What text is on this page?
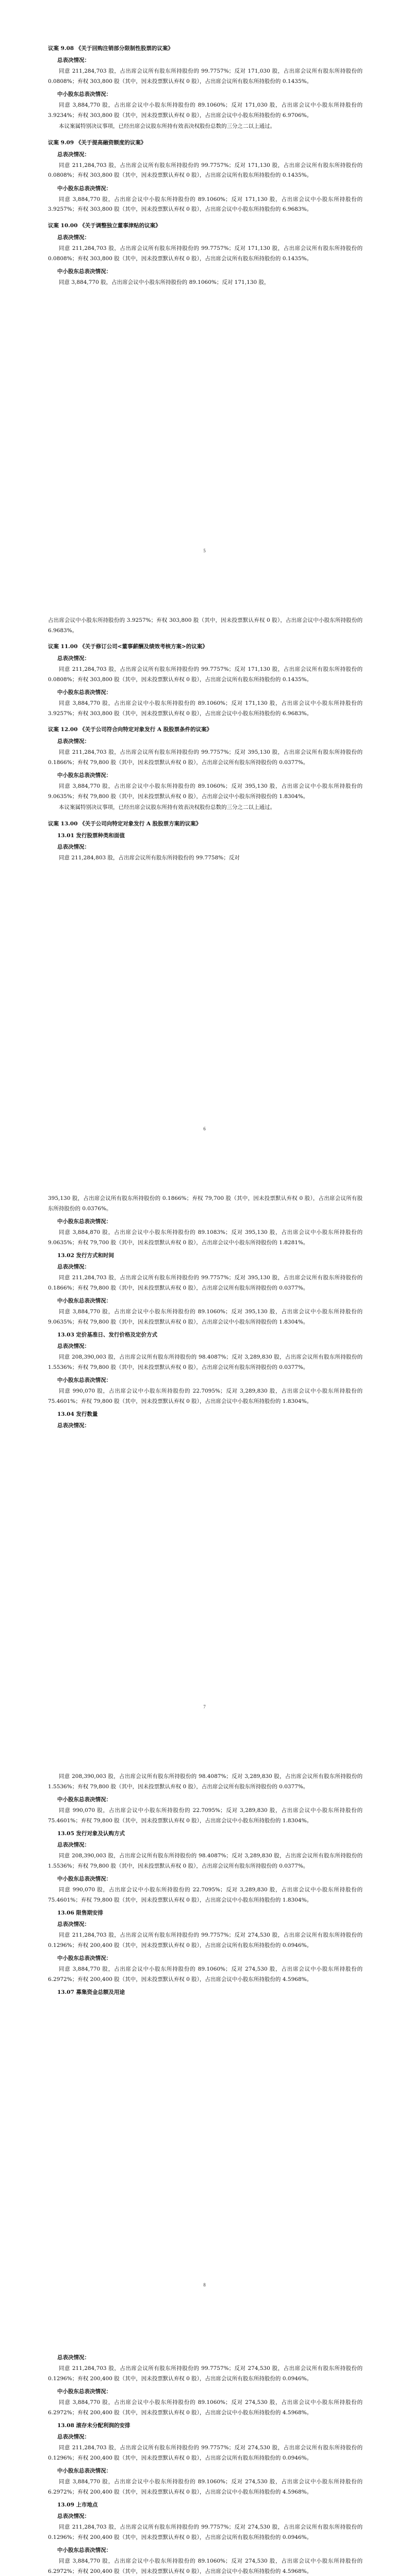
议案 9.08 《关于回购注销部分限制性股票的议案》
总表决情况：
同意 211,284,703 股，占出席会议所有股东所持股份的 99.7757%；反对 171,030 股，占出席会议所有股东所持股份的 0.0808%；弃权 303,800 股（其中，因未投票默认弃权 0 股），占出席会议所有股东所持股份的 0.1435%。
中小股东总表决情况：
同意 3,884,770 股，占出席会议中小股东所持股份的 89.1060%；反对 171,030 股，占出席会议中小股东所持股份的 3.9234%；弃权 303,800 股（其中，因未投票默认弃权 0 股），占出席会议中小股东所持股份的 6.9706%。
本议案属特别决议事项，已经出席会议股东所持有效表决权股份总数的三分之二以上通过。
议案 9.09 《关于提高融资额度的议案》
总表决情况：
同意 211,284,703 股，占出席会议所有股东所持股份的 99.7757%；反对 171,130 股，占出席会议所有股东所持股份的 0.0808%；弃权 303,800 股（其中，因未投票默认弃权 0 股），占出席会议所有股东所持股份的 0.1435%。
中小股东总表决情况：
同意 3,884,770 股，占出席会议中小股东所持股份的 89.1060%；反对 171,130 股，占出席会议中小股东所持股份的 3.9257%；弃权 303,800 股（其中，因未投票默认弃权 0 股），占出席会议中小股东所持股份的 6.9683%。
议案 10.00 《关于调整独立董事津贴的议案》
总表决情况：
同意 211,284,703 股，占出席会议所有股东所持股份的 99.7757%；反对 171,130 股，占出席会议所有股东所持股份的 0.0808%；弃权 303,800 股（其中，因未投票默认弃权 0 股），占出席会议所有股东所持股份的 0.1435%。
中小股东总表决情况：
同意 3,884,770 股，占出席会议中小股东所持股份的 89.1060%；反对 171,130 股，
5
占出席会议中小股东所持股份的 3.9257%；弃权 303,800 股（其中，因未投票默认弃权 0 股），占出席会议中小股东所持股份的 6.9683%。
议案 11.00 《关于修订公司<董事薪酬及绩效考核方案>的议案》
总表决情况：
同意 211,284,703 股，占出席会议所有股东所持股份的 99.7757%；反对 171,130 股，占出席会议所有股东所持股份的 0.0808%；弃权 303,800 股（其中，因未投票默认弃权 0 股），占出席会议所有股东所持股份的 0.1435%。
中小股东总表决情况：
同意 3,884,770 股，占出席会议中小股东所持股份的 89.1060%；反对 171,130 股，占出席会议中小股东所持股份的 3.9257%；弃权 303,800 股（其中，因未投票默认弃权 0 股），占出席会议中小股东所持股份的 6.9683%。
议案 12.00 《关于公司符合向特定对象发行 A 股股票条件的议案》
总表决情况：
同意 211,284,703 股，占出席会议所有股东所持股份的 99.7757%；反对 395,130 股，占出席会议所有股东所持股份的 0.1866%；弃权 79,800 股（其中，因未投票默认弃权 0 股），占出席会议所有股东所持股份的 0.0377%。
中小股东总表决情况：
同意 3,884,770 股，占出席会议中小股东所持股份的 89.1060%；反对 395,130 股，占出席会议中小股东所持股份的 9.0635%；弃权 79,800 股（其中，因未投票默认弃权 0 股），占出席会议中小股东所持股份的 1.8304%。
本议案属特别决议事项，已经出席会议股东所持有效表决权股份总数的三分之二以上通过。
议案 13.00 《关于公司向特定对象发行 A 股股票方案的议案》
13.01 发行股票种类和面值
总表决情况：
同意 211,284,803 股，占出席会议所有股东所持股份的 99.7758%；反对
6
395,130 股，占出席会议所有股东所持股份的 0.1866%；弃权 79,700 股（其中，因未投票默认弃权 0 股），占出席会议所有股东所持股份的 0.0376%。
中小股东总表决情况：
同意 3,884,870 股，占出席会议中小股东所持股份的 89.1083%；反对 395,130 股，占出席会议中小股东所持股份的 9.0635%；弃权 79,700 股（其中，因未投票默认弃权 0 股），占出席会议中小股东所持股份的 1.8281%。
13.02 发行方式和时间
总表决情况：
同意 211,284,703 股，占出席会议所有股东所持股份的 99.7757%；反对 395,130 股，占出席会议所有股东所持股份的 0.1866%；弃权 79,800 股（其中，因未投票默认弃权 0 股），占出席会议所有股东所持股份的 0.0377%。
中小股东总表决情况：
同意 3,884,770 股，占出席会议中小股东所持股份的 89.1060%；反对 395,130 股，占出席会议中小股东所持股份的 9.0635%；弃权 79,800 股（其中，因未投票默认弃权 0 股），占出席会议中小股东所持股份的 1.8304%。
13.03 定价基准日、发行价格及定价方式
总表决情况：
同意 208,390,003 股，占出席会议所有股东所持股份的 98.4087%；反对 3,289,830 股，占出席会议所有股东所持股份的 1.5536%；弃权 79,800 股（其中，因未投票默认弃权 0 股），占出席会议所有股东所持股份的 0.0377%。
中小股东总表决情况：
同意 990,070 股，占出席会议中小股东所持股份的 22.7095%；反对 3,289,830 股，占出席会议中小股东所持股份的 75.4601%；弃权 79,800 股（其中，因未投票默认弃权 0 股），占出席会议中小股东所持股份的 1.8304%。
13.04 发行数量
总表决情况：
7
同意 208,390,003 股，占出席会议所有股东所持股份的 98.4087%；反对 3,289,830 股，占出席会议所有股东所持股份的 1.5536%；弃权 79,800 股（其中，因未投票默认弃权 0 股），占出席会议所有股东所持股份的 0.0377%。
中小股东总表决情况：
同意 990,070 股，占出席会议中小股东所持股份的 22.7095%；反对 3,289,830 股，占出席会议中小股东所持股份的 75.4601%；弃权 79,800 股（其中，因未投票默认弃权 0 股），占出席会议中小股东所持股份的 1.8304%。
13.05 发行对象及认购方式
总表决情况：
同意 208,390,003 股，占出席会议所有股东所持股份的 98.4087%；反对 3,289,830 股，占出席会议所有股东所持股份的 1.5536%；弃权 79,800 股（其中，因未投票默认弃权 0 股），占出席会议所有股东所持股份的 0.0377%。
中小股东总表决情况：
同意 990,070 股，占出席会议中小股东所持股份的 22.7095%；反对 3,289,830 股，占出席会议中小股东所持股份的 75.4601%；弃权 79,800 股（其中，因未投票默认弃权 0 股），占出席会议中小股东所持股份的 1.8304%。
13.06 限售期安排
总表决情况：
同意 211,284,703 股，占出席会议所有股东所持股份的 99.7757%；反对 274,530 股，占出席会议所有股东所持股份的 0.1296%；弃权 200,400 股（其中，因未投票默认弃权 0 股），占出席会议所有股东所持股份的 0.0946%。
中小股东总表决情况：
同意 3,884,770 股，占出席会议中小股东所持股份的 89.1060%；反对 274,530 股，占出席会议中小股东所持股份的 6.2972%；弃权 200,400 股（其中，因未投票默认弃权 0 股），占出席会议中小股东所持股份的 4.5968%。
13.07 募集资金总额及用途
8
总表决情况：
同意 211,284,703 股，占出席会议所有股东所持股份的 99.7757%；反对 274,530 股，占出席会议所有股东所持股份的 0.1296%；弃权 200,400 股（其中，因未投票默认弃权 0 股），占出席会议所有股东所持股份的 0.0946%。
中小股东总表决情况：
同意 3,884,770 股，占出席会议中小股东所持股份的 89.1060%；反对 274,530 股，占出席会议中小股东所持股份的 6.2972%；弃权 200,400 股（其中，因未投票默认弃权 0 股），占出席会议中小股东所持股份的 4.5968%。
13.08 滚存未分配利润的安排
总表决情况：
同意 211,284,703 股，占出席会议所有股东所持股份的 99.7757%；反对 274,530 股，占出席会议所有股东所持股份的 0.1296%；弃权 200,400 股（其中，因未投票默认弃权 0 股），占出席会议所有股东所持股份的 0.0946%。
中小股东总表决情况：
同意 3,884,770 股，占出席会议中小股东所持股份的 89.1060%；反对 274,530 股，占出席会议中小股东所持股份的 6.2972%；弃权 200,400 股（其中，因未投票默认弃权 0 股），占出席会议中小股东所持股份的 4.5968%。
13.09 上市地点
总表决情况：
同意 211,284,703 股，占出席会议所有股东所持股份的 99.7757%；反对 274,530 股，占出席会议所有股东所持股份的 0.1296%；弃权 200,400 股（其中，因未投票默认弃权 0 股），占出席会议所有股东所持股份的 0.0946%。
中小股东总表决情况：
同意 3,884,770 股，占出席会议中小股东所持股份的 89.1060%；反对 274,530 股，占出席会议中小股东所持股份的 6.2972%；弃权 200,400 股（其中，因未投票默认弃权 0 股），占出席会议中小股东所持股份的 4.5968%。
